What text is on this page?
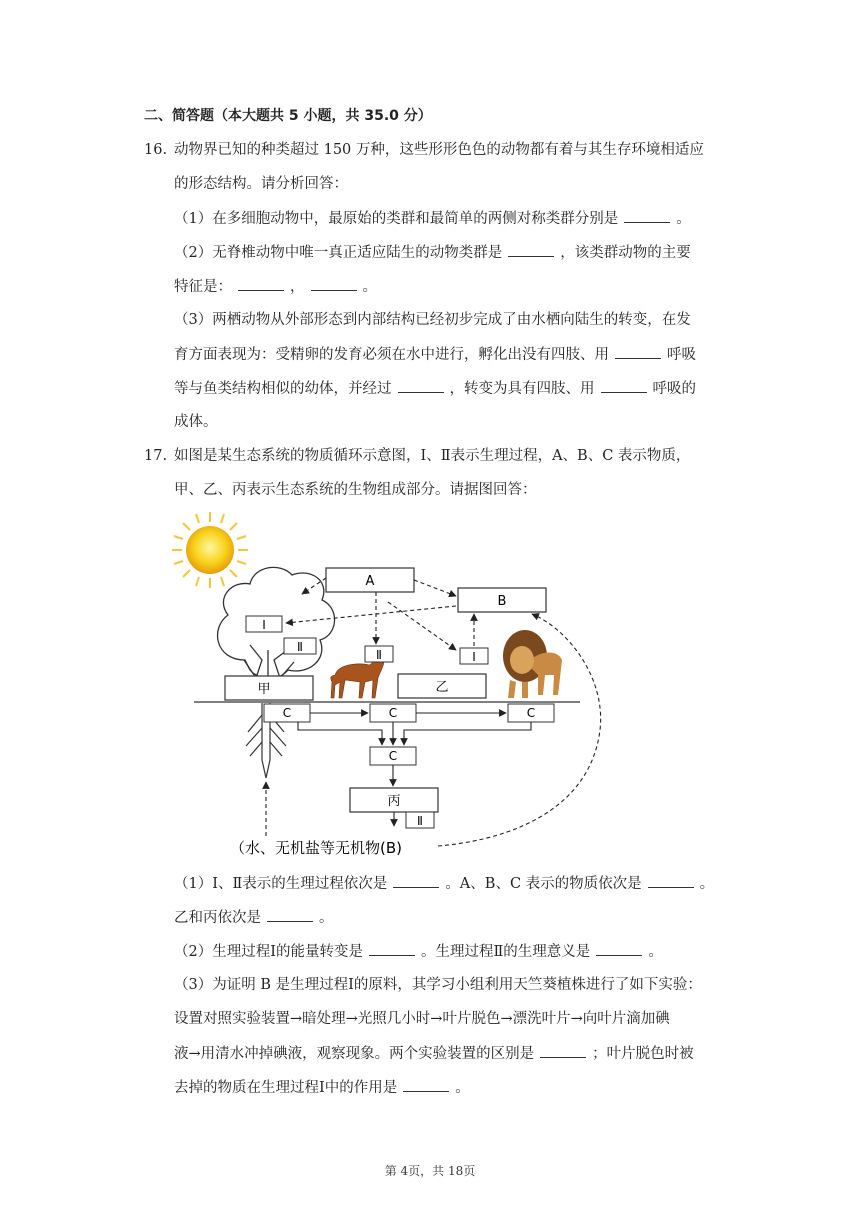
二、简答题（本大题共 5 小题，共 35.0 分）
16. 动物界已知的种类超过 150 万种，这些形形色色的动物都有着与其生存环境相适应
的形态结构。请分析回答：
（1）在多细胞动物中，最原始的类群和最简单的两侧对称类群分别是	。
（2）无脊椎动物中唯一真正适应陆生的动物类群是	，该类群动物的主要
特征是：	，	。
（3）两栖动物从外部形态到内部结构已经初步完成了由水栖向陆生的转变，在发
育方面表现为：受精卵的发育必须在水中进行，孵化出没有四肢、用	呼吸
等与鱼类结构相似的幼体，并经过	，转变为具有四肢、用	呼吸的
成体。
17. 如图是某生态系统的物质循环示意图，Ⅰ、Ⅱ表示生理过程，A、B、C 表示物质，
甲、乙、丙表示生态系统的生物组成部分。请据图回答：
A
B
Ⅰ
Ⅱ
Ⅱ	Ⅰ
甲	乙
C	C	C
C
丙
Ⅱ
（水、无机盐等无机物(B)
（1）Ⅰ、Ⅱ表示的生理过程依次是	。A、B、C 表示的物质依次是	。
乙和丙依次是	。
（2）生理过程Ⅰ的能量转变是	。生理过程Ⅱ的生理意义是	。
（3）为证明 B 是生理过程Ⅰ的原料，其学习小组利用天竺葵植株进行了如下实验：
设置对照实验装置→暗处理→光照几小时→叶片脱色→漂洗叶片→向叶片滴加碘
液→用清水冲掉碘液，观察现象。两个实验装置的区别是	；叶片脱色时被
去掉的物质在生理过程Ⅰ中的作用是	。
第 4页，共 18页
